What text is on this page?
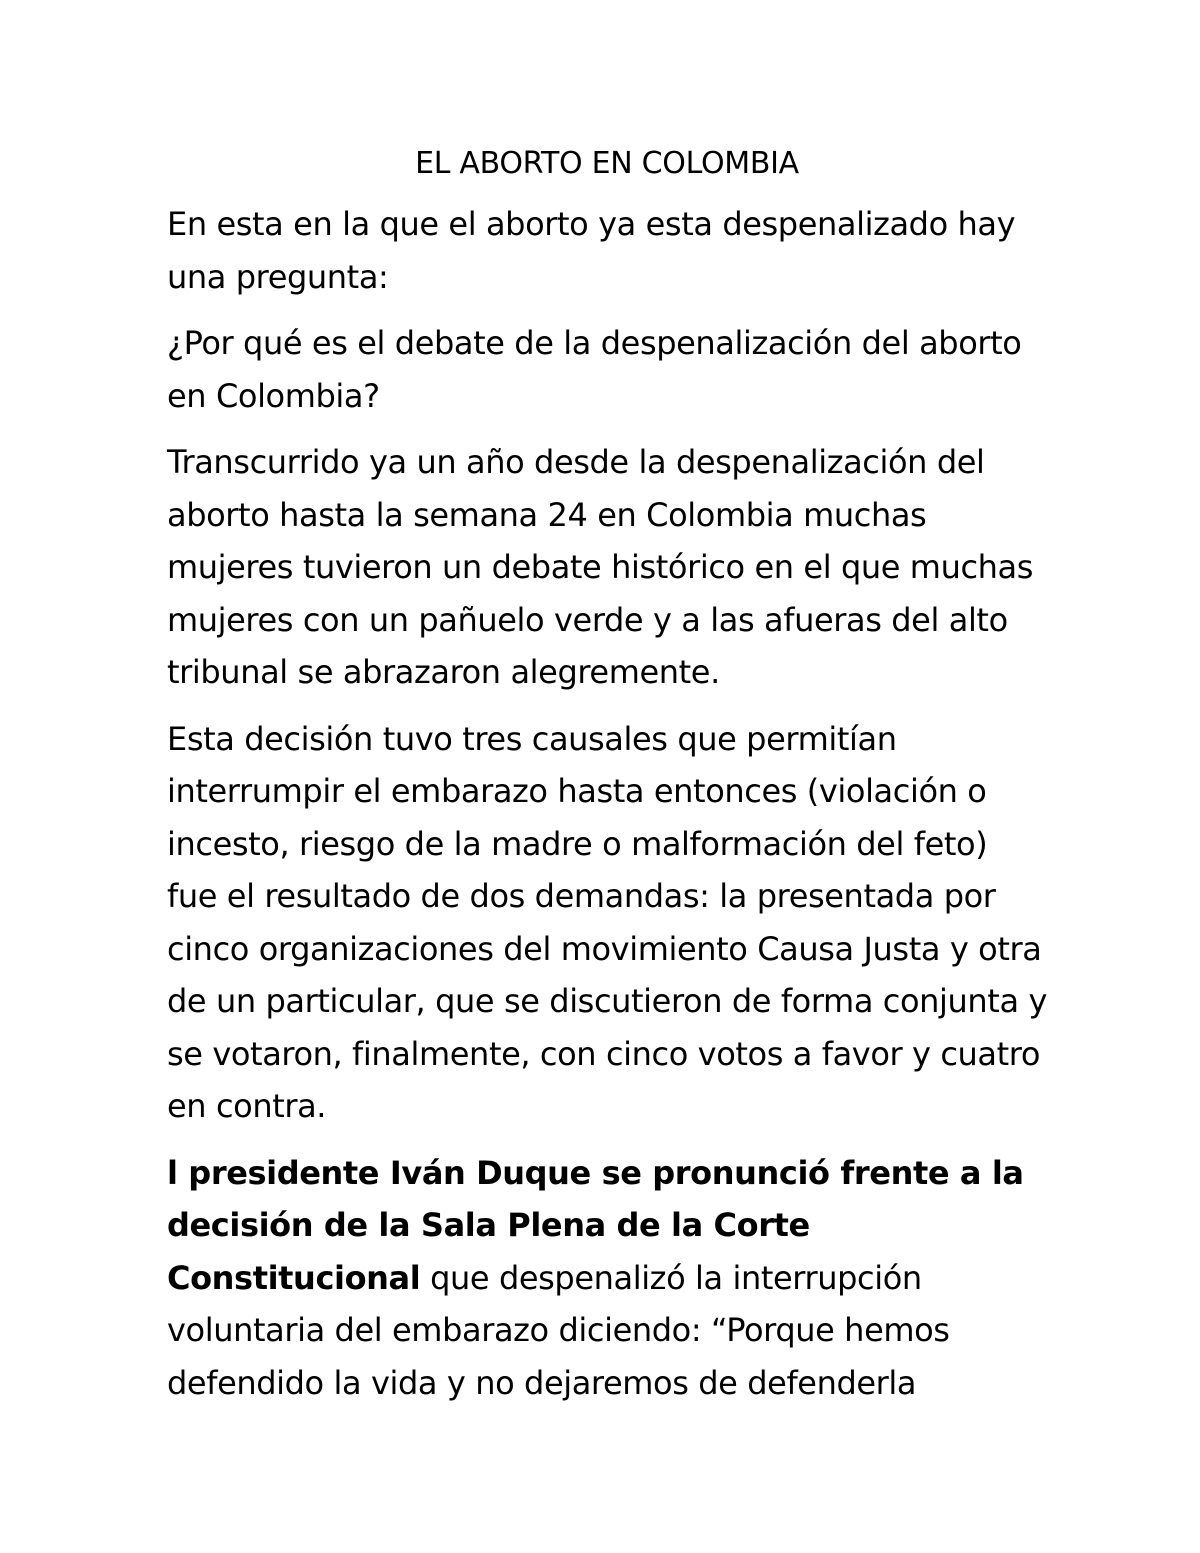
EL ABORTO EN COLOMBIA

En esta en la que el aborto ya esta despenalizado hay una pregunta:

¿Por qué es el debate de la despenalización del aborto en Colombia?

Transcurrido ya un año desde la despenalización del aborto hasta la semana 24 en Colombia muchas mujeres tuvieron un debate histórico en el que muchas mujeres con un pañuelo verde y a las afueras del alto tribunal se abrazaron alegremente.

Esta decisión tuvo tres causales que permitían interrumpir el embarazo hasta entonces (violación o incesto, riesgo de la madre o malformación del feto) fue el resultado de dos demandas: la presentada por cinco organizaciones del movimiento Causa Justa y otra de un particular, que se discutieron de forma conjunta y se votaron, finalmente, con cinco votos a favor y cuatro en contra.

l presidente Iván Duque se pronunció frente a la decisión de la Sala Plena de la Corte Constitucional que despenalizó la interrupción voluntaria del embarazo diciendo: “Porque hemos defendido la vida y no dejaremos de defenderla
